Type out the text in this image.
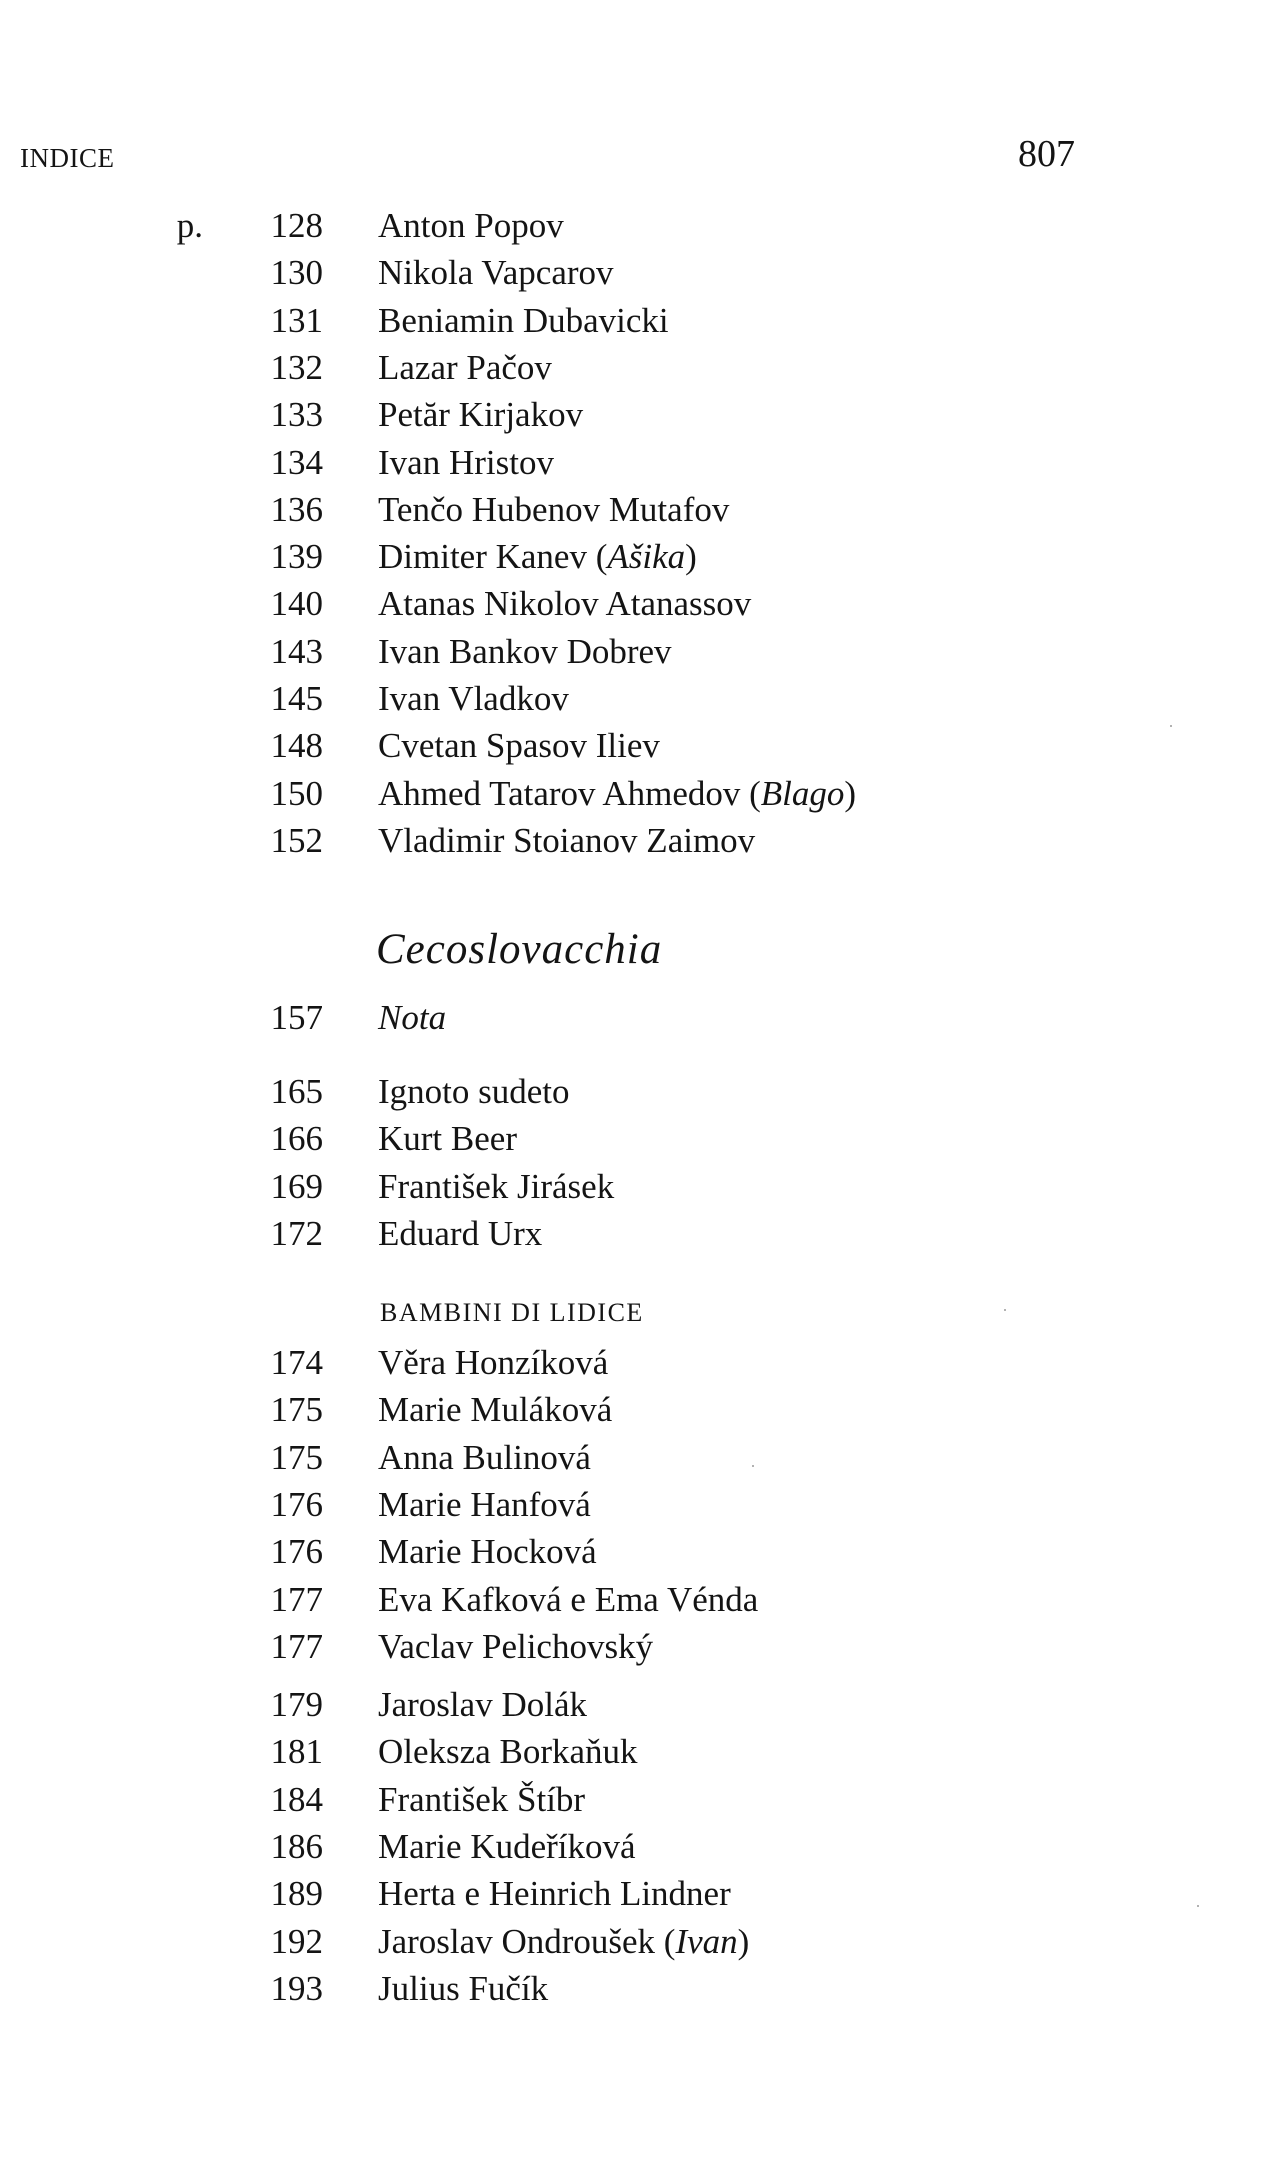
INDICE	807
p.	128 Anton Popov
130 Nikola Vapcarov
131 Beniamin Dubavicki
132 Lazar Pačov
133 Petăr Kirjakov
134 Ivan Hristov
136 Tenčo Hubenov Mutafov
139 Dimiter Kanev (Ašika)
140 Atanas Nikolov Atanassov
143 Ivan Bankov Dobrev
145 Ivan Vladkov
148 Cvetan Spasov Iliev
150 Ahmed Tatarov Ahmedov (Blago)
152 Vladimir Stoianov Zaimov
Cecoslovacchia
157 Nota
165 Ignoto sudeto
166 Kurt Beer
169 František Jirásek
172 Eduard Urx
BAMBINI DI LIDICE
174 Věra Honzíková
175 Marie Muláková
175 Anna Bulinová
176 Marie Hanfová
176 Marie Hocková
177 Eva Kafková e Ema Vénda
177 Vaclav Pelichovský
179 Jaroslav Dolák
181 Oleksza Borkaňuk
184 František Štíbr
186 Marie Kudeříková
189 Herta e Heinrich Lindner
192 Jaroslav Ondroušek (Ivan)
193 Julius Fučík
